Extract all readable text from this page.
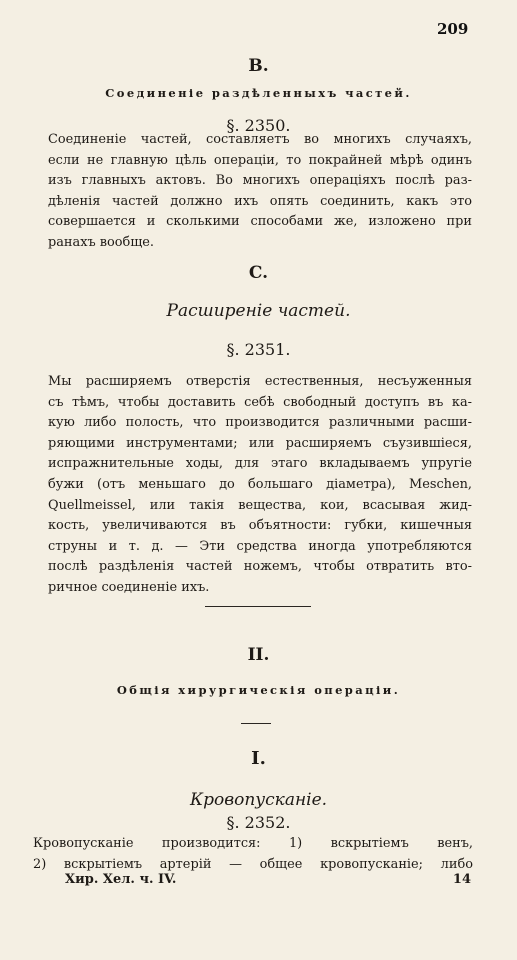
209
B.
Соединеніе раздѣленныхъ частей.
§. 2350.
Соединеніе частей, составляетъ во многихъ случаяхъ,
если не главную цѣль операціи, то покрайней мѣрѣ одинъ
изъ главныхъ актовъ. Во многихъ операціяхъ послѣ раз-
дѣленія частей должно ихъ опять соединить, какъ это
совершается и сколькими способами же, изложено при
ранахъ вообще.
C.
Расширеніе частей.
§. 2351.
Мы расширяемъ отверстія естественныя, несъуженныя
съ тѣмъ, чтобы доставить себѣ свободный доступъ въ ка-
кую либо полость, что производится различными расши-
ряющими инструментами; или расширяемъ съузившіеся,
испражнительные ходы, для этаго вкладываемъ упругіе
бужи (отъ меньшаго до большаго діаметра), Meschen,
Quellmeissel, или такія вещества, кои, всасывая жид-
кость, увеличиваются въ объятности: губки, кишечныя
струны и т. д. — Эти средства иногда употребляются
послѣ раздѣленія частей ножемъ, чтобы отвратить вто-
ричное соединеніе ихъ.
II.
Общія хирургическія операціи.
I.
Кровопусканіе.
§. 2352.
Кровопусканіе производится: 1) вскрытіемъ венъ,
2) вскрытіемъ артерій — общее кровопусканіе; либо
Хир. Хел. ч. IV.	14
